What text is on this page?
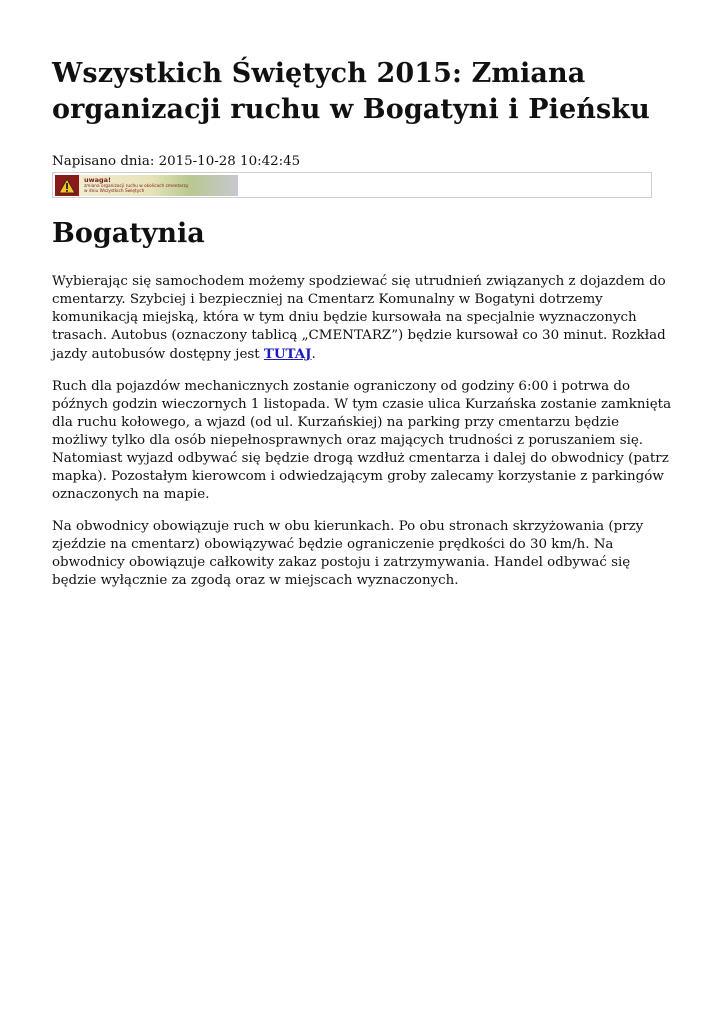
Wszystkich Świętych 2015: Zmiana organizacji ruchu w Bogatyni i Pieńsku
Napisano dnia: 2015-10-28 10:42:45
uwaga!
zmiana organizacji ruchu w okolicach cmentarzy
w dniu Wszystkich Świętych
Bogatynia

Wybierając się samochodem możemy spodziewać się utrudnień związanych z dojazdem do cmentarzy. Szybciej i bezpieczniej na Cmentarz Komunalny w Bogatyni dotrzemy komunikacją miejską, która w tym dniu będzie kursowała na specjalnie wyznaczonych trasach. Autobus (oznaczony tablicą „CMENTARZ”) będzie kursował co 30 minut. Rozkład jazdy autobusów dostępny jest TUTAJ.

Ruch dla pojazdów mechanicznych zostanie ograniczony od godziny 6:00 i potrwa do późnych godzin wieczornych 1 listopada. W tym czasie ulica Kurzańska zostanie zamknięta dla ruchu kołowego, a wjazd (od ul. Kurzańskiej) na parking przy cmentarzu będzie możliwy tylko dla osób niepełnosprawnych oraz mających trudności z poruszaniem się. Natomiast wyjazd odbywać się będzie drogą wzdłuż cmentarza i dalej do obwodnicy (patrz mapka). Pozostałym kierowcom i odwiedzającym groby zalecamy korzystanie z parkingów oznaczonych na mapie.

Na obwodnicy obowiązuje ruch w obu kierunkach. Po obu stronach skrzyżowania (przy zjeździe na cmentarz) obowiązywać będzie ograniczenie prędkości do 30 km/h. Na obwodnicy obowiązuje całkowity zakaz postoju i zatrzymywania. Handel odbywać się będzie wyłącznie za zgodą oraz w miejscach wyznaczonych.
